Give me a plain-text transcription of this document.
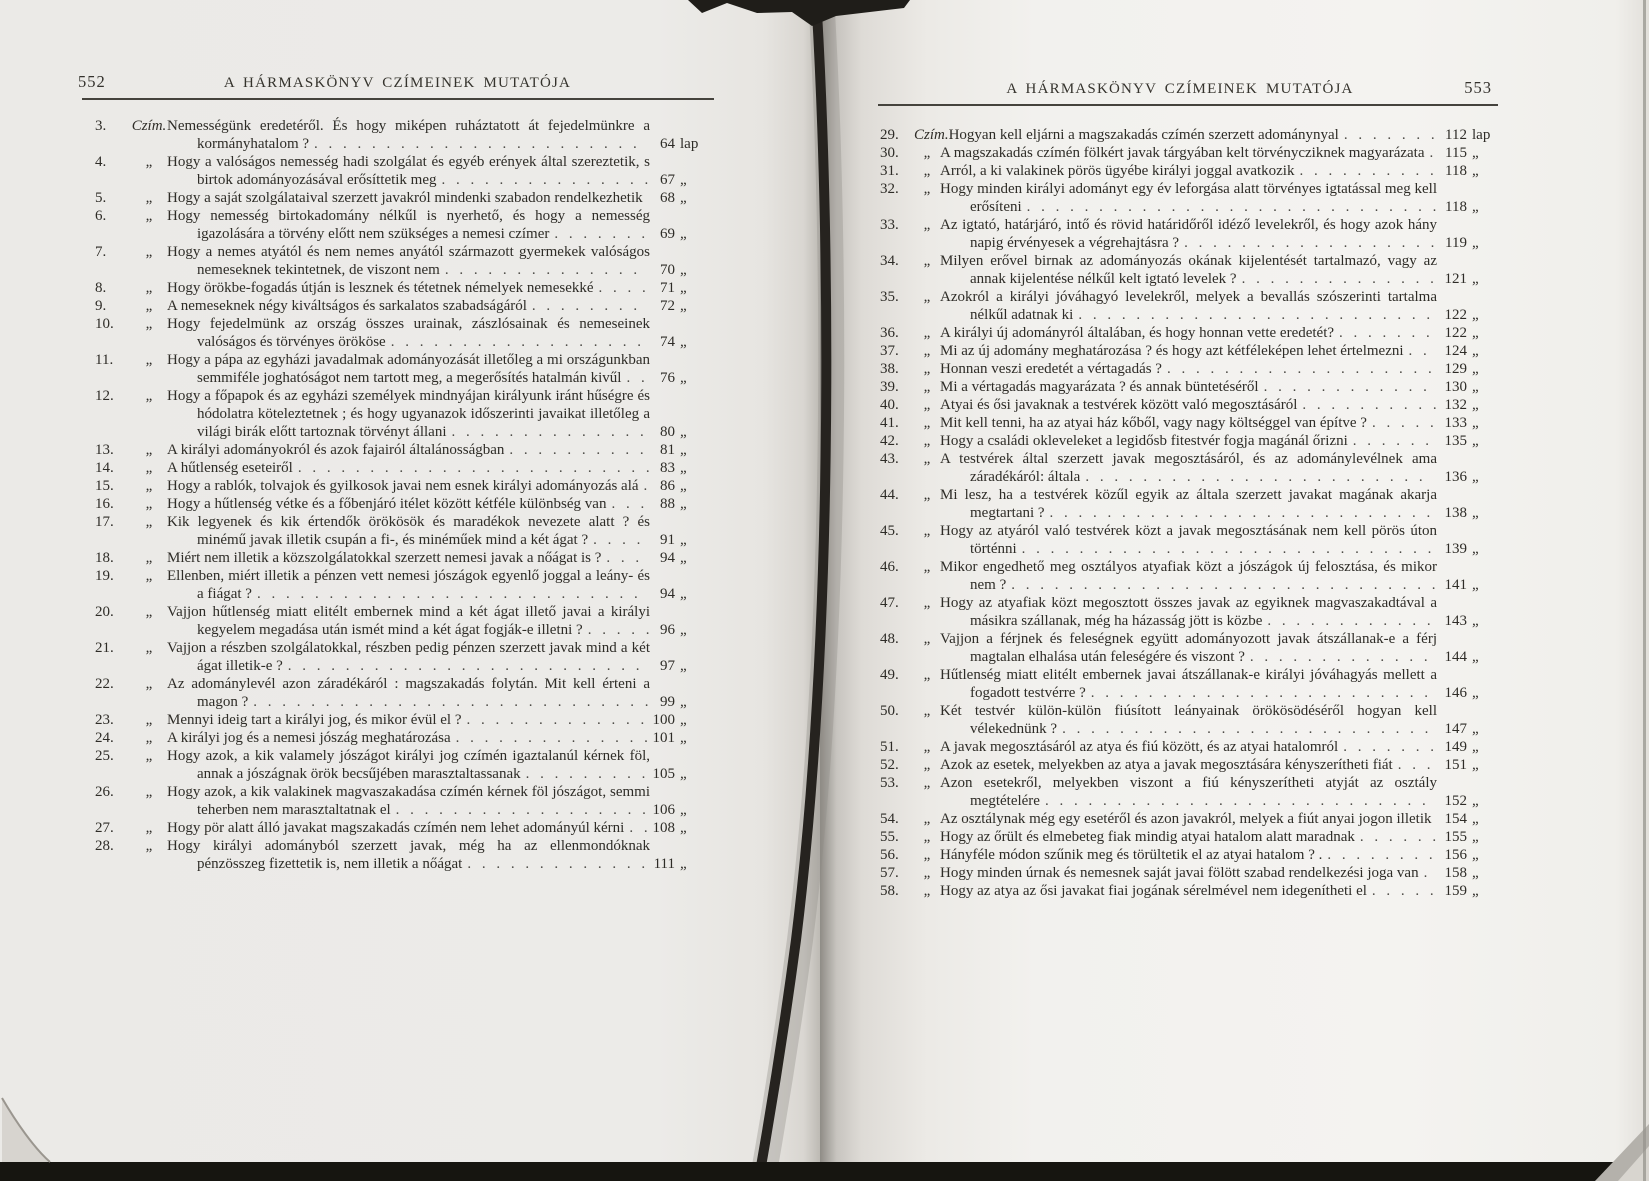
552	A HÁRMASKÖNYV CZÍMEINEK MUTATÓJA
3.	Czím. Nemességünk eredetéről. És hogy miképen ruháztatott át fejedelmünkre a kormányhatalom ? . . . . . . . . . . . . . . . . . . . . . . .	64 lap
4.	„ Hogy a valóságos nemesség hadi szolgálat és egyéb erények által szereztetik, s birtok adományozásával erősíttetik meg . . . . . . . . . . . . . . . 67 „
5.	„ Hogy a saját szolgálataival szerzett javakról mindenki szabadon rendelkezhetik	68 „
6.	„ Hogy nemesség birtokadomány nélkűl is nyerhető, és hogy a nemesség igazolására a törvény előtt nem szükséges a nemesi czímer . . . . . . . 69 „
7.	„ Hogy a nemes atyától és nem nemes anyától származott gyermekek valóságos nemeseknek tekintetnek, de viszont nem . . . . . . . . . . . . . .	70 „
8.	„ Hogy örökbe-fogadás útján is lesznek és tétetnek némelyek nemesekké . . . . 71 „
9.	„ A nemeseknek négy kiváltságos és sarkalatos szabadságáról . . . . . . . .	72 „
10.	„ Hogy fejedelmünk az ország összes urainak, zászlósainak és nemeseinek valóságos és törvényes örököse . . . . . . . . . . . . . . . . . .	74 „
11.	„ Hogy a pápa az egyházi javadalmak adományozását illetőleg a mi országunkban semmiféle joghatóságot nem tartott meg, a megerősítés hatalmán kivűl . .	76 „
12.	„ Hogy a főpapok és az egyházi személyek mindnyájan királyunk iránt hűségre és hódolatra köteleztetnek ; és hogy ugyanazok időszerinti javaikat illetőleg a világi birák előtt tartoznak törvényt állani . . . . . . . . . . . . . .	80 „
13.	„ A királyi adományokról és azok fajairól általánosságban . . . . . . . . . .	81 „
14.	„ A hűtlenség eseteiről . . . . . . . . . . . . . . . . . . . . . . . . . 83 „
15.	„ Hogy a rablók, tolvajok és gyilkosok javai nem esnek királyi adományozás alá . 86 „
16.	„ Hogy a hűtlenség vétke és a főbenjáró itélet között kétféle különbség van . . .	88 „
17.	„ Kik legyenek és kik értendők örökösök és maradékok nevezete alatt ? és minémű javak illetik csupán a fi-, és minéműek mind a két ágat ? . . . .	91 „
18.	„ Miért nem illetik a közszolgálatokkal szerzett nemesi javak a nőágat is ? . . .	94 „
19.	„ Ellenben, miért illetik a pénzen vett nemesi jószágok egyenlő joggal a leány- és a fiágat ? . . . . . . . . . . . . . . . . . . . . . . . . . . .	94 „
20.	„ Vajjon hűtlenség miatt elitélt embernek mind a két ágat illető javai a királyi kegyelem megadása után ismét mind a két ágat fogják-e illetni ? . . . . . 96 „
21.	„ Vajjon a részben szolgálatokkal, részben pedig pénzen szerzett javak mind a két ágat illetik-e ? . . . . . . . . . . . . . . . . . . . . . . . . .	97 „
22.	„ Az adománylevél azon záradékáról : magszakadás folytán. Mit kell érteni a magon ? . . . . . . . . . . . . . . . . . . . . . . . . . . . . 99 „
23.	„ Mennyi ideig tart a királyi jog, és mikor évül el ? . . . . . . . . . . . . . 100 „
24.	„ A királyi jog és a nemesi jószág meghatározása . . . . . . . . . . . . . . 101 „
25.	„ Hogy azok, a kik valamely jószágot királyi jog czímén igaztalanúl kérnek föl, annak a jószágnak örök becsűjében marasztaltassanak . . . . . . . . . 105 „
26.	„ Hogy azok, a kik valakinek magvaszakadása czímén kérnek föl jószágot, semmi teherben nem marasztaltatnak el . . . . . . . . . . . . . . . . . . 106 „
27.	„ Hogy pör alatt álló javakat magszakadás czímén nem lehet adományúl kérni . . 108 „
28.	„ Hogy királyi adományból szerzett javak, még ha az ellenmondóknak pénzösszeg fizettetik is, nem illetik a nőágat . . . . . . . . . . . . . 111 „
A HÁRMASKÖNYV CZÍMEINEK MUTATÓJA	553
29.	Czím. Hogyan kell eljárni a magszakadás czímén szerzett adománynyal . . . . . . . 112 lap
30.	„ A magszakadás czímén fölkért javak tárgyában kelt törvénycziknek magyarázata . 115 „
31.	„ Arról, a ki valakinek pörös ügyébe királyi joggal avatkozik . . . . . . . . . . 118 „
32.	„ Hogy minden királyi adományt egy év leforgása alatt törvényes igtatással meg kell erősíteni . . . . . . . . . . . . . . . . . . . . . . . . . . . . . 118 „
33.	„ Az igtató, határjáró, intő és rövid határidőről idéző levelekről, és hogy azok hány napig érvényesek a végrehajtásra ? . . . . . . . . . . . . . . . . . . 119 „
34.	„ Milyen erővel birnak az adományozás okának kijelentését tartalmazó, vagy az annak kijelentése nélkűl kelt igtató levelek ? . . . . . . . . . . . . . . 121 „
35.	„ Azokról a királyi jóváhagyó levelekről, melyek a bevallás szószerinti tartalma nélkűl adatnak ki . . . . . . . . . . . . . . . . . . . . . . . . . 122 „
36.	„ A királyi új adományról általában, és hogy honnan vette eredetét? . . . . . . . 122 „
37.	„ Mi az új adomány meghatározása ? és hogy azt kétféleképen lehet értelmezni . .	124 „
38.	„ Honnan veszi eredetét a vértagadás ? . . . . . . . . . . . . . . . . . . . 129 „
39.	„ Mi a vértagadás magyarázata ? és annak büntetéséről . . . . . . . . . . . .	130 „
40.	„ Atyai és ősi javaknak a testvérek között való megosztásáról . . . . . . . . . . 132 „
41.	„ Mit kell tenni, ha az atyai ház kőből, vagy nagy költséggel van építve ? . . . . . 133 „
42.	„ Hogy a családi okleveleket a legidősb fitestvér fogja magánál őrizni . . . . . .	135 „
43.	„ A testvérek által szerzett javak megosztásáról, és az adománylevélnek ama záradékáról: általa . . . . . . . . . . . . . . . . . . . . . . . .	136 „
44.	„ Mi lesz, ha a testvérek közűl egyik az általa szerzett javakat magának akarja megtartani ? . . . . . . . . . . . . . . . . . . . . . . . . . . . 138 „
45.	„ Hogy az atyáról való testvérek közt a javak megosztásának nem kell pörös úton történni . . . . . . . . . . . . . . . . . . . . . . . . . . . . . 139 „
46.	„ Mikor engedhető meg osztályos atyafiak közt a jószágok új felosztása, és mikor nem ? . . . . . . . . . . . . . . . . . . . . . . . . . . . . . . 141 „
47.	„ Hogy az atyafiak közt megosztott összes javak az egyiknek magvaszakadtával a másikra szállanak, még ha házasság jött is közbe . . . . . . . . . . . . 143 „
48.	„ Vajjon a férjnek és feleségnek együtt adományozott javak átszállanak-e a férj magtalan elhalása után feleségére és viszont ? . . . . . . . . . . . . .	144 „
49.	„ Hűtlenség miatt elitélt embernek javai átszállanak-e királyi jóváhagyás mellett a fogadott testvérre ? . . . . . . . . . . . . . . . . . . . . . . . .	146 „
50.	„ Két testvér külön-külön fiúsított leányainak örökösödéséről hogyan kell vélekednünk ? . . . . . . . . . . . . . . . . . . . . . . . . . .	147 „
51.	„ A javak megosztásáról az atya és fiú között, és az atyai hatalomról . . . . . . . 149 „
52.	„ Azok az esetek, melyekben az atya a javak megosztására kényszerítheti fiát . . . 151 „
53.	„ Azon esetekről, melyekben viszont a fiú kényszerítheti atyját az osztály megtételére . . . . . . . . . . . . . . . . . . . . . . . . . . .	152 „
54.	„ Az osztálynak még egy esetéről és azon javakról, melyek a fiút anyai jogon illetik 154 „
55.	„ Hogy az őrült és elmebeteg fiak mindig atyai hatalom alatt maradnak . . . . . . 155 „
56.	„ Hányféle módon szűnik meg és törültetik el az atyai hatalom ? . . . . . . . . . 156 „
57.	„ Hogy minden úrnak és nemesnek saját javai fölött szabad rendelkezési joga van .	158 „
58.	„ Hogy az atya az ősi javakat fiai jogának sérelmével nem idegenítheti el . . . . . 159 „
